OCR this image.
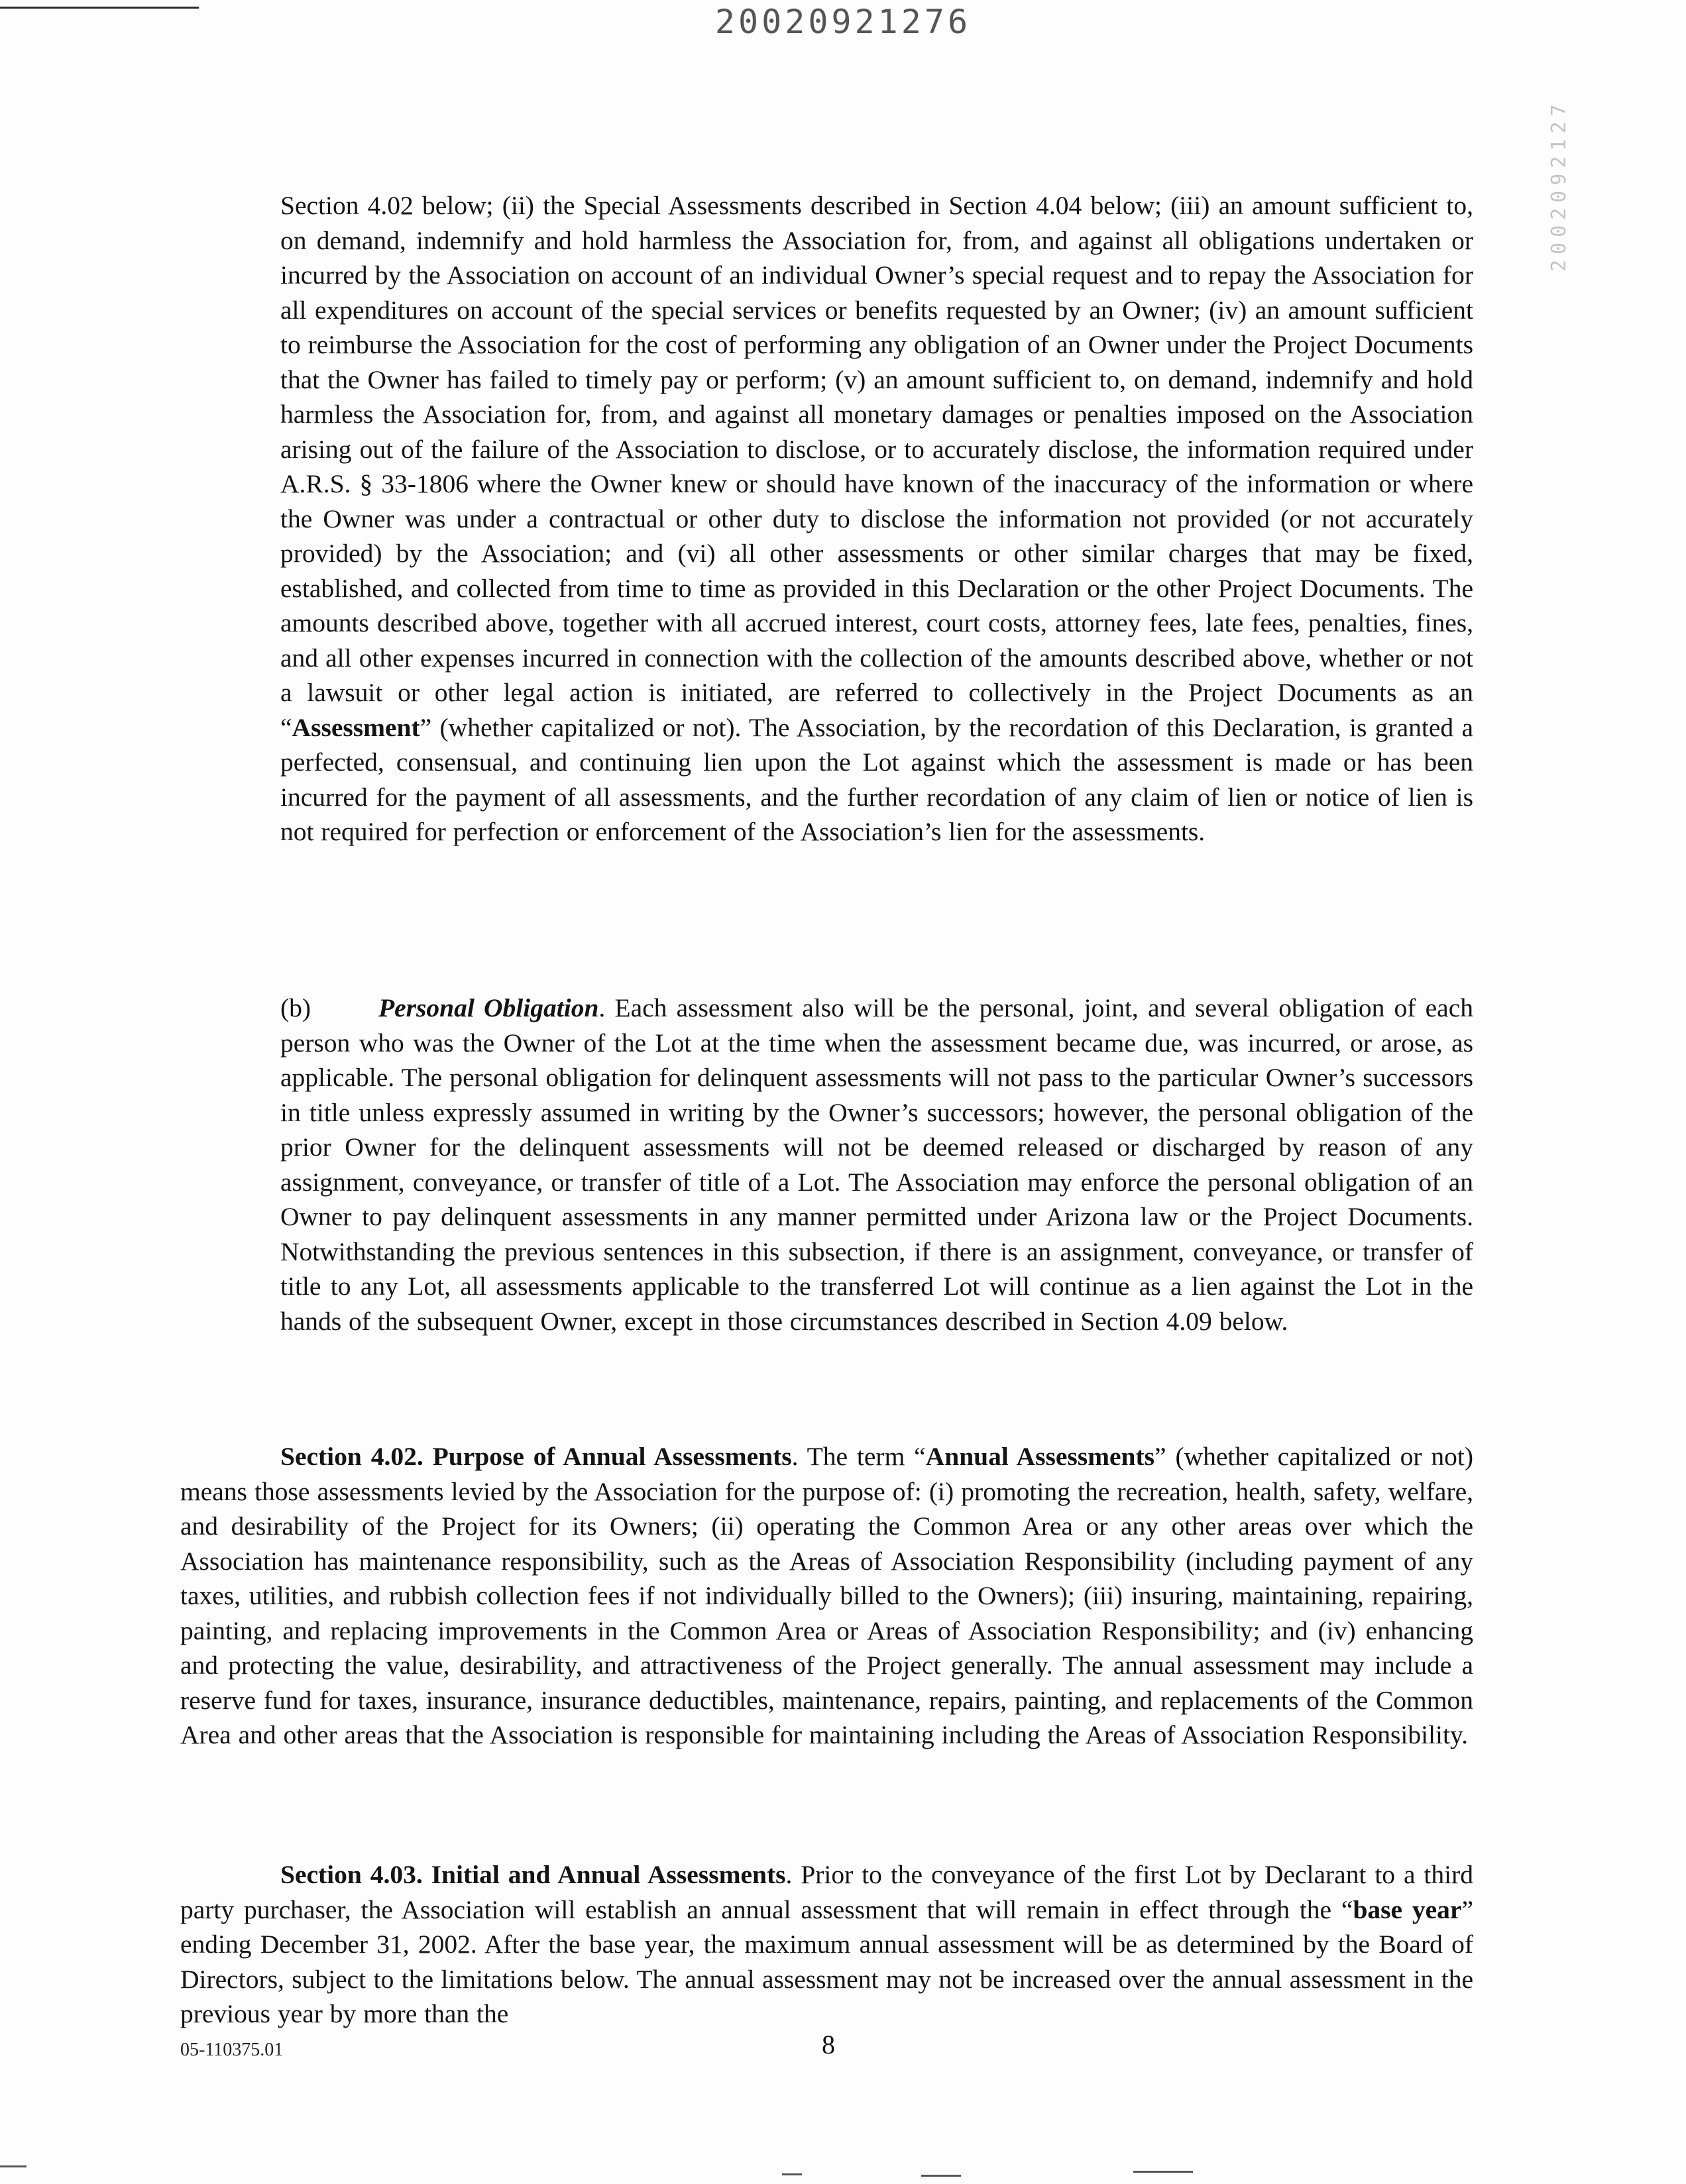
20020921276
2002092127

Section 4.02 below; (ii) the Special Assessments described in Section 4.04 below; (iii) an amount sufficient to, on demand, indemnify and hold harmless the Association for, from, and against all obligations undertaken or incurred by the Association on account of an individual Owner’s special request and to repay the Association for all expenditures on account of the special services or benefits requested by an Owner; (iv) an amount sufficient to reimburse the Association for the cost of performing any obligation of an Owner under the Project Documents that the Owner has failed to timely pay or perform; (v) an amount sufficient to, on demand, indemnify and hold harmless the Association for, from, and against all monetary damages or penalties imposed on the Association arising out of the failure of the Association to disclose, or to accurately disclose, the information required under A.R.S. § 33-1806 where the Owner knew or should have known of the inaccuracy of the information or where the Owner was under a contractual or other duty to disclose the information not provided (or not accurately provided) by the Association; and (vi) all other assessments or other similar charges that may be fixed, established, and collected from time to time as provided in this Declaration or the other Project Documents. The amounts described above, together with all accrued interest, court costs, attorney fees, late fees, penalties, fines, and all other expenses incurred in connection with the collection of the amounts described above, whether or not a lawsuit or other legal action is initiated, are referred to collectively in the Project Documents as an “Assessment” (whether capitalized or not). The Association, by the recordation of this Declaration, is granted a perfected, consensual, and continuing lien upon the Lot against which the assessment is made or has been incurred for the payment of all assessments, and the further recordation of any claim of lien or notice of lien is not required for perfection or enforcement of the Association’s lien for the assessments.

(b)	Personal Obligation. Each assessment also will be the personal, joint, and several obligation of each person who was the Owner of the Lot at the time when the assessment became due, was incurred, or arose, as applicable. The personal obligation for delinquent assessments will not pass to the particular Owner’s successors in title unless expressly assumed in writing by the Owner’s successors; however, the personal obligation of the prior Owner for the delinquent assessments will not be deemed released or discharged by reason of any assignment, conveyance, or transfer of title of a Lot. The Association may enforce the personal obligation of an Owner to pay delinquent assessments in any manner permitted under Arizona law or the Project Documents. Notwithstanding the previous sentences in this subsection, if there is an assignment, conveyance, or transfer of title to any Lot, all assessments applicable to the transferred Lot will continue as a lien against the Lot in the hands of the subsequent Owner, except in those circumstances described in Section 4.09 below.

Section 4.02. Purpose of Annual Assessments. The term “Annual Assessments” (whether capitalized or not) means those assessments levied by the Association for the purpose of: (i) promoting the recreation, health, safety, welfare, and desirability of the Project for its Owners; (ii) operating the Common Area or any other areas over which the Association has maintenance responsibility, such as the Areas of Association Responsibility (including payment of any taxes, utilities, and rubbish collection fees if not individually billed to the Owners); (iii) insuring, maintaining, repairing, painting, and replacing improvements in the Common Area or Areas of Association Responsibility; and (iv) enhancing and protecting the value, desirability, and attractiveness of the Project generally. The annual assessment may include a reserve fund for taxes, insurance, insurance deductibles, maintenance, repairs, painting, and replacements of the Common Area and other areas that the Association is responsible for maintaining including the Areas of Association Responsibility.

Section 4.03. Initial and Annual Assessments. Prior to the conveyance of the first Lot by Declarant to a third party purchaser, the Association will establish an annual assessment that will remain in effect through the “base year” ending December 31, 2002. After the base year, the maximum annual assessment will be as determined by the Board of Directors, subject to the limitations below. The annual assessment may not be increased over the annual assessment in the previous year by more than the

05-110375.01	8
